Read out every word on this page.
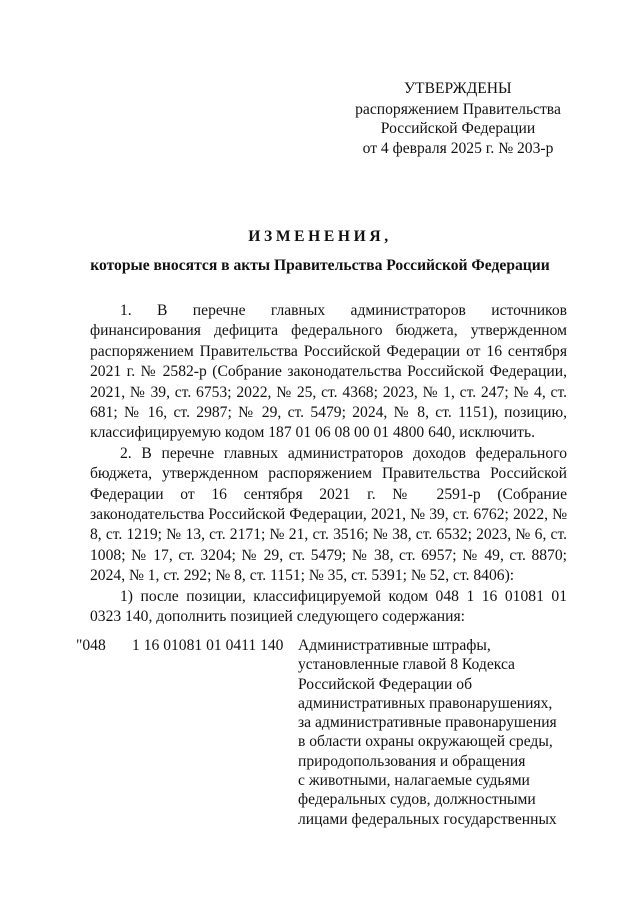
УТВЕРЖДЕНЫ
распоряжением Правительства
Российской Федерации
от 4 февраля 2025 г. № 203-р
ИЗМЕНЕНИЯ,
которые вносятся в акты Правительства Российской Федерации

1. В перечне главных администраторов источников финансирования дефицита федерального бюджета, утвержденном распоряжением Правительства Российской Федерации от 16 сентября 2021 г. № 2582-р (Собрание законодательства Российской Федерации, 2021, № 39, ст. 6753; 2022, № 25, ст. 4368; 2023, № 1, ст. 247; № 4, ст. 681; № 16, ст. 2987; № 29, ст. 5479; 2024, № 8, ст. 1151), позицию, классифицируемую кодом 187 01 06 08 00 01 4800 640, исключить.

2. В перечне главных администраторов доходов федерального бюджета, утвержденном распоряжением Правительства Российской Федерации от 16 сентября 2021 г. № 2591-р (Собрание законодательства Российской Федерации, 2021, № 39, ст. 6762; 2022, № 8, ст. 1219; № 13, ст. 2171; № 21, ст. 3516; № 38, ст. 6532; 2023, № 6, ст. 1008; № 17, ст. 3204; № 29, ст. 5479; № 38, ст. 6957; № 49, ст. 8870; 2024, № 1, ст. 292; № 8, ст. 1151; № 35, ст. 5391; № 52, ст. 8406):

1) после позиции, классифицируемой кодом 048 1 16 01081 01 0323 140, дополнить позицией следующего содержания:

"048 1 16 01081 01 0411 140 Административные штрафы,
установленные главой 8 Кодекса
Российской Федерации об
административных правонарушениях,
за административные правонарушения
в области охраны окружающей среды,
природопользования и обращения
с животными, налагаемые судьями
федеральных судов, должностными
лицами федеральных государственных
